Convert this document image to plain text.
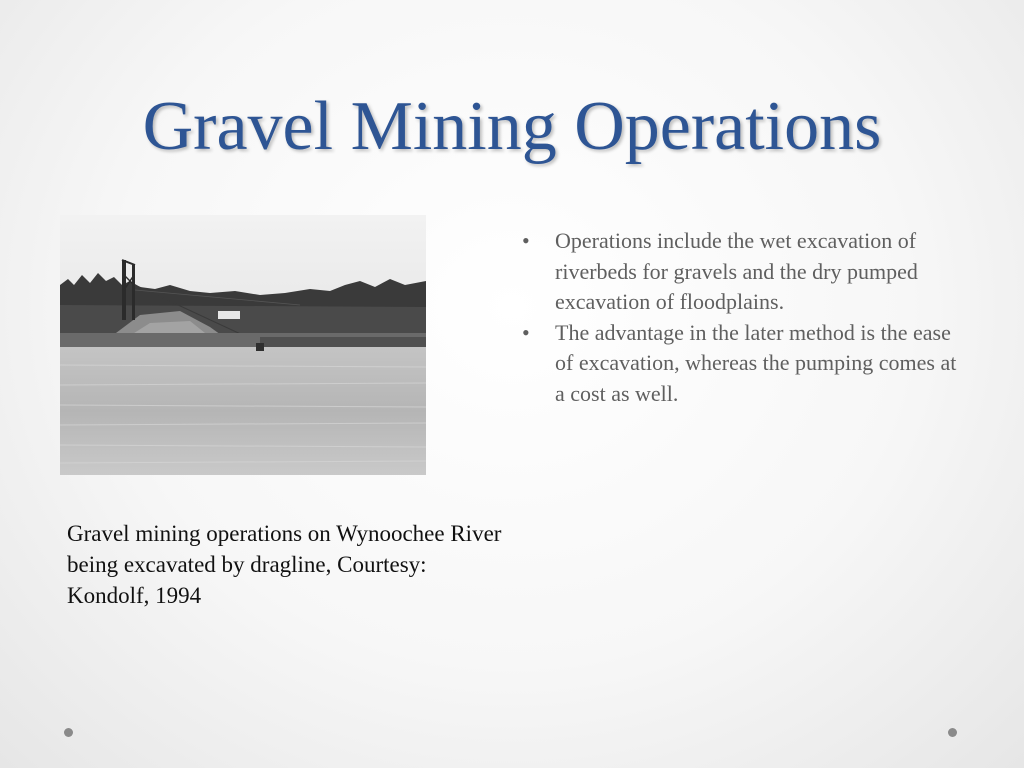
Gravel Mining Operations
Gravel mining operations on Wynoochee River being excavated by dragline, Courtesy: Kondolf, 1994
• Operations include the wet excavation of riverbeds for gravels and the dry pumped excavation of floodplains.
• The advantage in the later method is the ease of excavation, whereas the pumping comes at a cost as well.
